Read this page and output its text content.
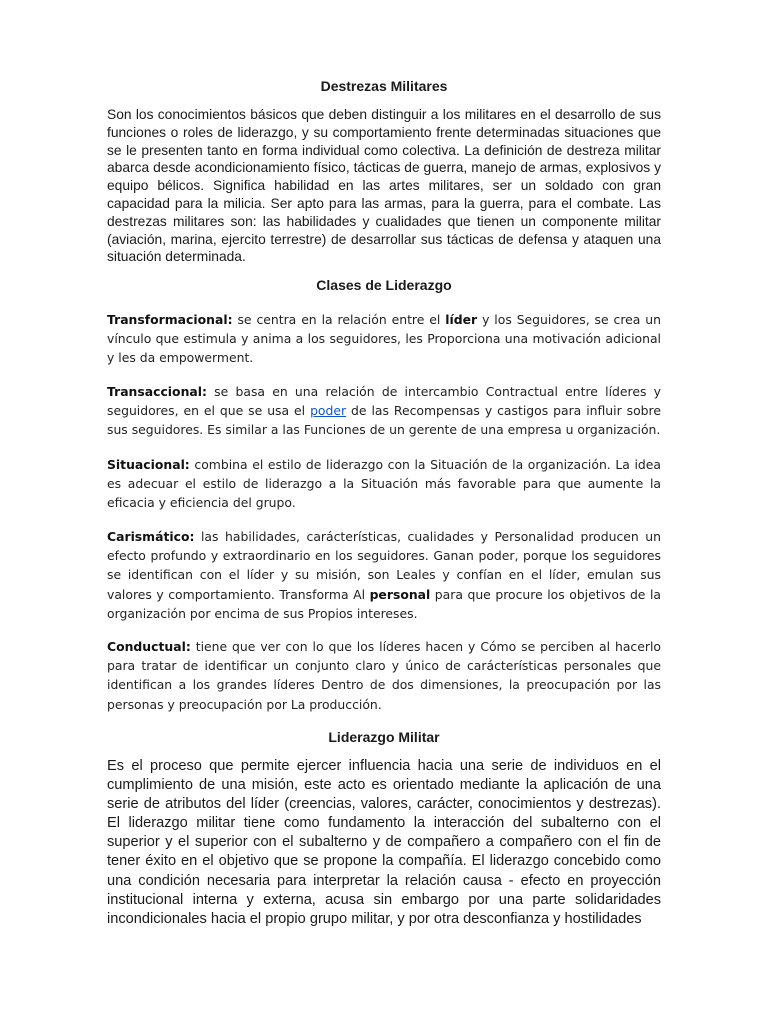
Destrezas Militares

Son los conocimientos básicos que deben distinguir a los militares en el desarrollo de sus funciones o roles de liderazgo, y su comportamiento frente determinadas situaciones que se le presenten tanto en forma individual como colectiva. La definición de destreza militar abarca desde acondicionamiento físico, tácticas de guerra, manejo de armas, explosivos y equipo bélicos. Significa habilidad en las artes militares, ser un soldado con gran capacidad para la milicia. Ser apto para las armas, para la guerra, para el combate. Las destrezas militares son: las habilidades y cualidades que tienen un componente militar (aviación, marina, ejercito terrestre) de desarrollar sus tácticas de defensa y ataquen una situación determinada.

Clases de Liderazgo

Transformacional: se centra en la relación entre el líder y los Seguidores, se crea un vínculo que estimula y anima a los seguidores, les Proporciona una motivación adicional y les da empowerment.

Transaccional: se basa en una relación de intercambio Contractual entre líderes y seguidores, en el que se usa el poder de las Recompensas y castigos para influir sobre sus seguidores. Es similar a las Funciones de un gerente de una empresa u organización.

Situacional: combina el estilo de liderazgo con la Situación de la organización. La idea es adecuar el estilo de liderazgo a la Situación más favorable para que aumente la eficacia y eficiencia del grupo.

Carismático: las habilidades, carácterísticas, cualidades y Personalidad producen un efecto profundo y extraordinario en los seguidores. Ganan poder, porque los seguidores se identifican con el líder y su misión, son Leales y confían en el líder, emulan sus valores y comportamiento. Transforma Al personal para que procure los objetivos de la organización por encima de sus Propios intereses.

Conductual: tiene que ver con lo que los líderes hacen y Cómo se perciben al hacerlo para tratar de identificar un conjunto claro y único de carácterísticas personales que identifican a los grandes líderes Dentro de dos dimensiones, la preocupación por las personas y preocupación por La producción.

Liderazgo Militar

Es el proceso que permite ejercer influencia hacia una serie de individuos en el cumplimiento de una misión, este acto es orientado mediante la aplicación de una serie de atributos del líder (creencias, valores, carácter, conocimientos y destrezas). El liderazgo militar tiene como fundamento la interacción del subalterno con el superior y el superior con el subalterno y de compañero a compañero con el fin de tener éxito en el objetivo que se propone la compañía. El liderazgo concebido como una condición necesaria para interpretar la relación causa - efecto en proyección institucional interna y externa, acusa sin embargo por una parte solidaridades incondicionales hacia el propio grupo militar, y por otra desconfianza y hostilidades
